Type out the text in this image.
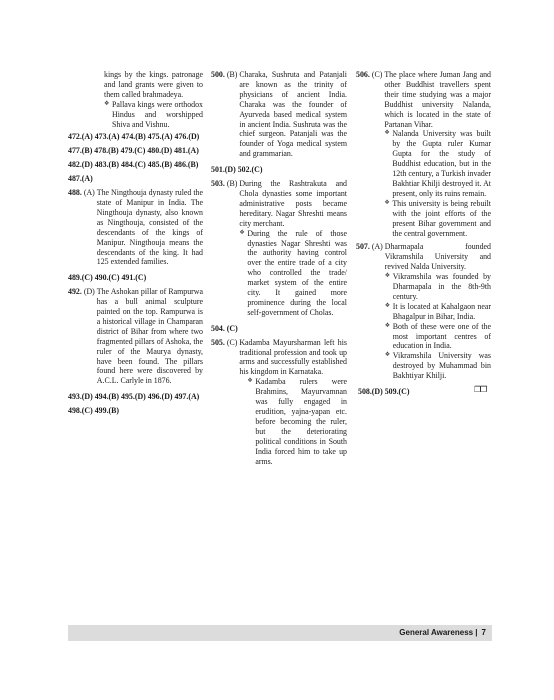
kings by the kings. patronage and land grants were given to them called brahmadeya.

❖ Pallava kings were orthodox Hindus and worshipped Shiva and Vishnu.
472.(A) 473.(A) 474.(B) 475.(A) 476.(D)
477.(B) 478.(B) 479.(C) 480.(D) 481.(A)
482.(D) 483.(B) 484.(C) 485.(B) 486.(B)
487.(A)
488. (A) The Ningthouja dynasty ruled the state of Manipur in India. The Ningthouja dynasty, also known as Ningthouja, consisted of the descendants of the kings of Manipur. Ningthouja means the descendants of the king. It had 125 extended families.
489.(C) 490.(C) 491.(C)
492. (D) The Ashokan pillar of Rampurwa has a bull animal sculpture painted on the top. Rampurwa is a historical village in Champaran district of Bihar from where two fragmented pillars of Ashoka, the ruler of the Maurya dynasty, have been found. The pillars found here were discovered by A.C.L. Carlyle in 1876.
493.(D) 494.(B) 495.(D) 496.(D) 497.(A)
498.(C) 499.(B)
500. (B) Charaka, Sushruta and Patanjali are known as the trinity of physicians of ancient India. Charaka was the founder of Ayurveda based medical system in ancient India. Sushruta was the chief surgeon. Patanjali was the founder of Yoga medical system and grammarian.
501.(D) 502.(C)
503. (B) During the Rashtrakuta and Chola dynasties some important administrative posts became hereditary. Nagar Shreshti means city merchant.
❖ During the rule of those dynasties Nagar Shreshti was the authority having control over the entire trade of a city who controlled the trade/ market system of the entire city. It gained more prominence during the local self-government of Cholas.
504. (C)
505. (C) Kadamba Mayursharman left his traditional profession and took up arms and successfully established his kingdom in Karnataka.
❖ Kadamba rulers were Brahmins, Mayurvamnan was fully engaged in erudition, yajna-yapan etc. before becoming the ruler, but the deteriorating political conditions in South India forced him to take up arms.
506. (C) The place where Juman Jang and other Buddhist travellers spent their time studying was a major Buddhist university Nalanda, which is located in the state of Partanan Vihar.
❖ Nalanda University was built by the Gupta ruler Kumar Gupta for the study of Buddhist education, but in the 12th century, a Turkish invader Bakhtiar Khilji destroyed it. At present, only its ruins remain.
❖ This university is being rebuilt with the joint efforts of the present Bihar government and the central government.
507. (A) Dharmapala founded Vikramshila University and revived Nalda University.
❖ Vikramshila was founded by Dharmapala in the 8th-9th century.
❖ It is located at Kahalgaon near Bhagalpur in Bihar, India.
❖ Both of these were one of the most important centres of education in India.
❖ Vikramshila University was destroyed by Muhammad bin Bakhtiyar Khilji.
508.(D) 509.(C)	❐❐
General Awareness | 7
